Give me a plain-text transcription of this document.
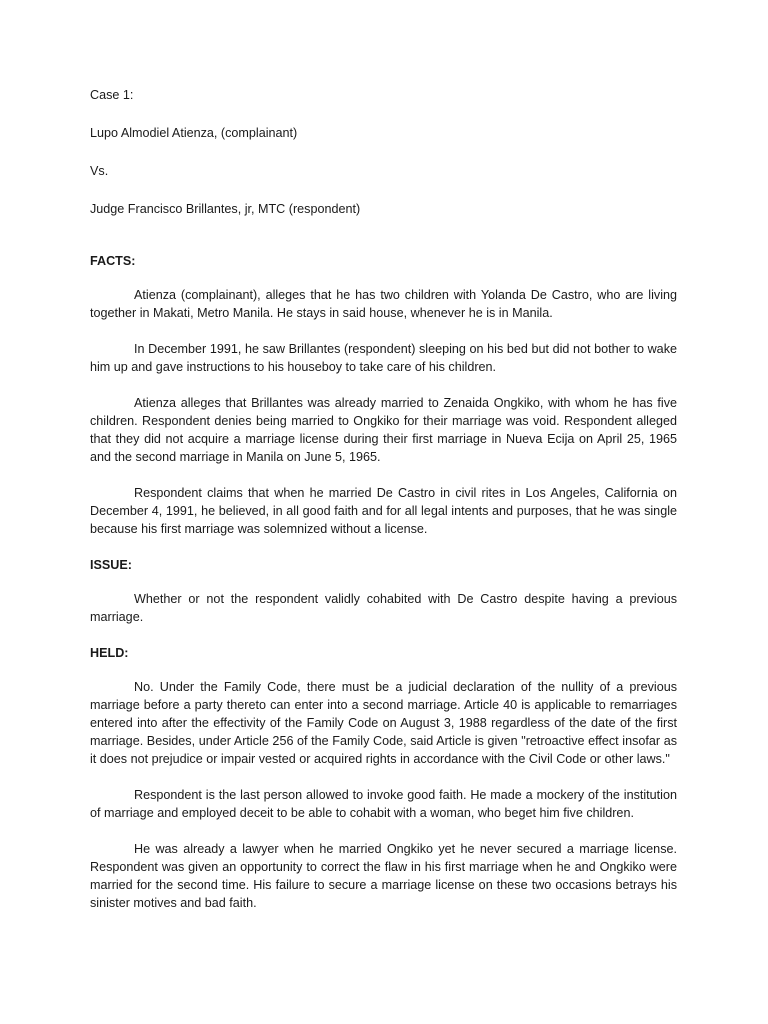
Case 1:
Lupo Almodiel Atienza, (complainant)
Vs.
Judge Francisco Brillantes, jr, MTC (respondent)
FACTS:

Atienza (complainant), alleges that he has two children with Yolanda De Castro, who are living together in Makati, Metro Manila. He stays in said house, whenever he is in Manila.

In December 1991, he saw Brillantes (respondent) sleeping on his bed but did not bother to wake him up and gave instructions to his houseboy to take care of his children.

Atienza alleges that Brillantes was already married to Zenaida Ongkiko, with whom he has five children. Respondent denies being married to Ongkiko for their marriage was void. Respondent alleged that they did not acquire a marriage license during their first marriage in Nueva Ecija on April 25, 1965 and the second marriage in Manila on June 5, 1965.

Respondent claims that when he married De Castro in civil rites in Los Angeles, California on December 4, 1991, he believed, in all good faith and for all legal intents and purposes, that he was single because his first marriage was solemnized without a license.

ISSUE:

Whether or not the respondent validly cohabited with De Castro despite having a previous marriage.

HELD:

No. Under the Family Code, there must be a judicial declaration of the nullity of a previous marriage before a party thereto can enter into a second marriage. Article 40 is applicable to remarriages entered into after the effectivity of the Family Code on August 3, 1988 regardless of the date of the first marriage. Besides, under Article 256 of the Family Code, said Article is given "retroactive effect insofar as it does not prejudice or impair vested or acquired rights in accordance with the Civil Code or other laws."

Respondent is the last person allowed to invoke good faith. He made a mockery of the institution of marriage and employed deceit to be able to cohabit with a woman, who beget him five children.

He was already a lawyer when he married Ongkiko yet he never secured a marriage license. Respondent was given an opportunity to correct the flaw in his first marriage when he and Ongkiko were married for the second time. His failure to secure a marriage license on these two occasions betrays his sinister motives and bad faith.
